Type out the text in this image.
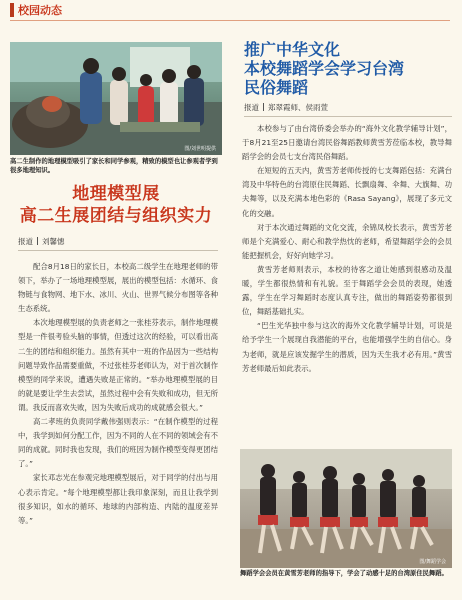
校园动态
图/刘世明提供
高二生制作的地理模型吸引了家长和同学参观，精致的模型也让参观者学到很多地理知识。
地理模型展
高二生展团结与组织实力
报道 刘馨憓

配合8月18日的家长日，本校高二级学生在地理老师的带领下，举办了一场地理模型展，展出的模型包括：水循环、食物链与食物网、地下水、冰川、火山、世界气候分布图等各种生态系统。

本次地理模型展的负责老师之一张桂芬表示，制作地理模型是一件很考验头脑的事情，但透过这次的经验，可以看出高二生的团结和组织能力。虽然有其中一班的作品因为一些结构问题导致作品需要重做，不过张桂芬老师认为，对于首次制作模型的同学来说，遭遇失败是正常的。“举办地理模型展的目的就是要让学生去尝试，虽然过程中会有失败和成功，但无所谓。我反而喜欢失败，因为失败后成功的成就感会很大。”

高二孝班的负责同学戴伟强则表示：“在制作模型的过程中，我学到如何分配工作，因为不同的人在不同的领域会有不同的成就。同时我也发现，我们的班因为制作模型变得更团结了。”

家长邓志光在参观完地理模型展后，对于同学的付出与用心表示肯定。“每个地理模型都让我印象深刻，而且让我学到很多知识，如水的循环、地球的内部构造、内陆的温度差异等。”

推广中华文化
本校舞蹈学会学习台湾
民俗舞蹈
报道 郑翠霞师、侯雨萱

本校参与了由台湾侨委会举办的“海外文化教学辅导计划”，于8月21至25日邀请台湾民俗舞蹈教师黄雪芳莅临本校，教导舞蹈学会的会员七支台湾民俗舞蹈。

在短短的五天内，黄雪芳老师传授的七支舞蹈包括：充满台湾及中华特色的台湾原住民舞蹈、长飘扇舞、伞舞、大旗舞、功夫舞等，以及充满本地色彩的《Rasa Sayang》，展现了多元文化的交融。

对于本次通过舞蹈的文化交流，余锦凤校长表示，黄雪芳老师是个充满爱心、耐心和教学热忱的老师，希望舞蹈学会的会员能把握机会，好好向她学习。

黄雪芳老师则表示，本校的待客之道让她感到很感动及温暖，学生都很热情和有礼貌。至于舞蹈学会会员的表现，她透露，学生在学习舞蹈时态度认真专注，做出的舞蹈姿势都很到位，舞蹈基础扎实。

“巴生光华独中参与这次的海外文化教学辅导计划，可说是给予学生一个展现自我潜能的平台，也能增强学生的自信心。身为老师，就是应该发掘学生的潜质，因为天生我才必有用。”黄雪芳老师最后如此表示。

图/舞蹈学会
舞蹈学会会员在黄雪芳老师的指导下，学会了动感十足的台湾原住民舞蹈。
